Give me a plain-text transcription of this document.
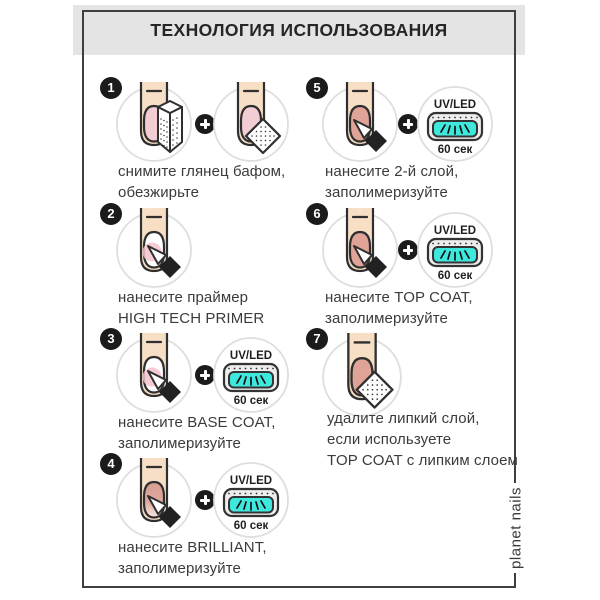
ТЕХНОЛОГИЯ ИСПОЛЬЗОВАНИЯ
1
снимите глянец бафом,
обезжирьте
2
нанесите праймер
HIGH TECH PRIMER
3
UV/LED
60 сек
нанесите BASE COAT,
заполимеризуйте
4
UV/LED
60 сек
нанесите BRILLIANT,
заполимеризуйте
5
UV/LED
60 сек
нанесите 2-й слой,
заполимеризуйте
6
UV/LED
60 сек
нанесите TOP COAT,
заполимеризуйте
7
удалите липкий слой,
если используете
TOP COAT с липким слоем
planet nails
